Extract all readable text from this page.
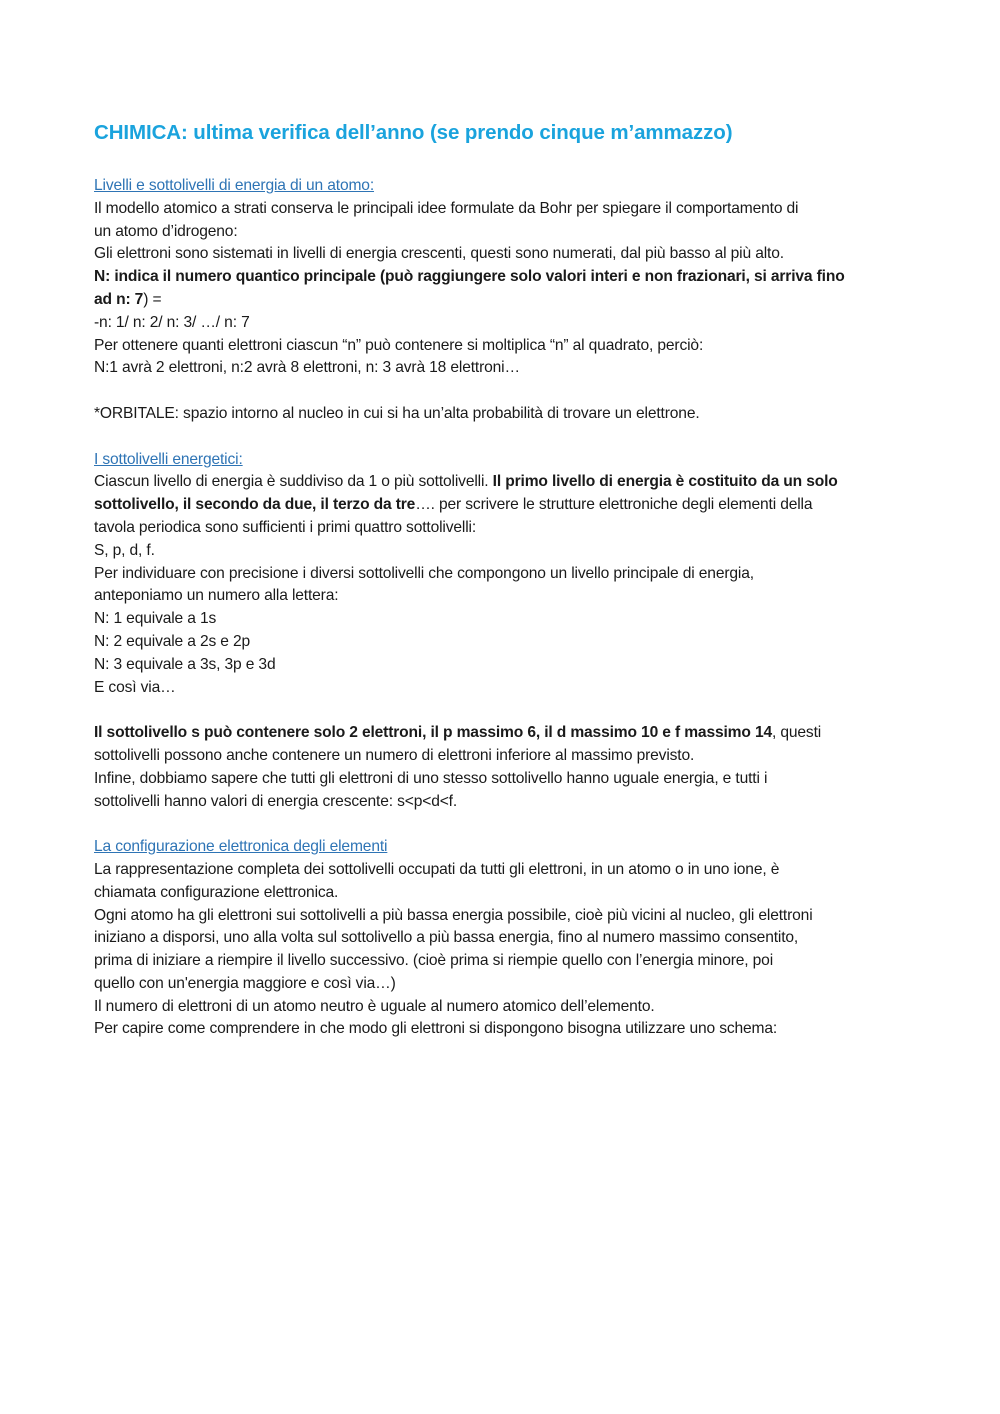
CHIMICA: ultima verifica dell’anno (se prendo cinque m’ammazzo)
Livelli e sottolivelli di energia di un atomo:
Il modello atomico a strati conserva le principali idee formulate da Bohr per spiegare il comportamento di
un atomo d’idrogeno:
Gli elettroni sono sistemati in livelli di energia crescenti, questi sono numerati, dal più basso al più alto.
N: indica il numero quantico principale (può raggiungere solo valori interi e non frazionari, si arriva fino
ad n: 7) =
-n: 1/ n: 2/ n: 3/ …/ n: 7
Per ottenere quanti elettroni ciascun “n” può contenere si moltiplica “n” al quadrato, perciò:
N:1 avrà 2 elettroni, n:2 avrà 8 elettroni, n: 3 avrà 18 elettroni…
*ORBITALE: spazio intorno al nucleo in cui si ha un’alta probabilità di trovare un elettrone.
I sottolivelli energetici:
Ciascun livello di energia è suddiviso da 1 o più sottolivelli. Il primo livello di energia è costituito da un solo
sottolivello, il secondo da due, il terzo da tre…. per scrivere le strutture elettroniche degli elementi della
tavola periodica sono sufficienti i primi quattro sottolivelli:
S, p, d, f.
Per individuare con precisione i diversi sottolivelli che compongono un livello principale di energia,
anteponiamo un numero alla lettera:
N: 1 equivale a 1s
N: 2 equivale a 2s e 2p
N: 3 equivale a 3s, 3p e 3d
E così via…
Il sottolivello s può contenere solo 2 elettroni, il p massimo 6, il d massimo 10 e f massimo 14, questi
sottolivelli possono anche contenere un numero di elettroni inferiore al massimo previsto.
Infine, dobbiamo sapere che tutti gli elettroni di uno stesso sottolivello hanno uguale energia, e tutti i
sottolivelli hanno valori di energia crescente: s<p<d<f.
La configurazione elettronica degli elementi
La rappresentazione completa dei sottolivelli occupati da tutti gli elettroni, in un atomo o in uno ione, è
chiamata configurazione elettronica.
Ogni atomo ha gli elettroni sui sottolivelli a più bassa energia possibile, cioè più vicini al nucleo, gli elettroni
iniziano a disporsi, uno alla volta sul sottolivello a più bassa energia, fino al numero massimo consentito,
prima di iniziare a riempire il livello successivo. (cioè prima si riempie quello con l’energia minore, poi
quello con un'energia maggiore e così via…)
Il numero di elettroni di un atomo neutro è uguale al numero atomico dell’elemento.
Per capire come comprendere in che modo gli elettroni si dispongono bisogna utilizzare uno schema:
